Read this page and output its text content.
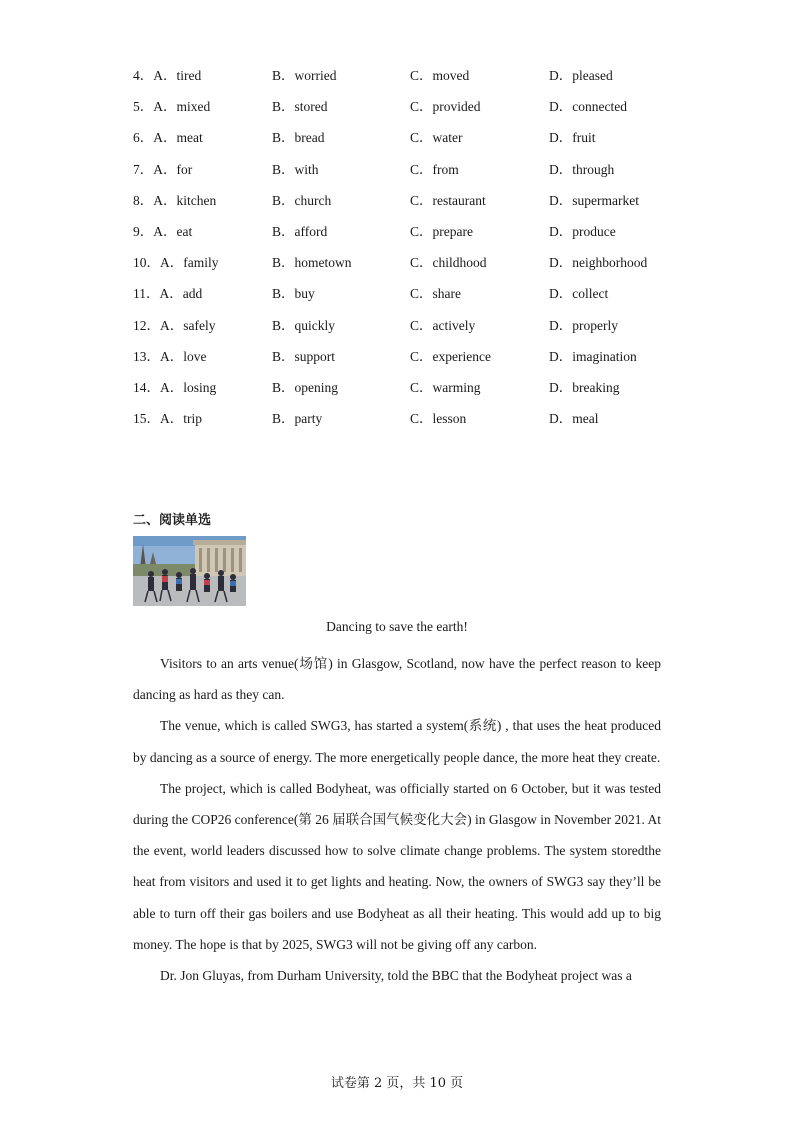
4．A．tired	B．worried	C．moved	D．pleased
5．A．mixed	B．stored	C．provided	D．connected
6．A．meat	B．bread	C．water	D．fruit
7．A．for	B．with	C．from	D．through
8．A．kitchen	B．church	C．restaurant	D．supermarket
9．A．eat	B．afford	C．prepare	D．produce
10．A．family	B．hometown	C．childhood	D．neighborhood
11．A．add	B．buy	C．share	D．collect
12．A．safely	B．quickly	C．actively	D．properly
13．A．love	B．support	C．experience	D．imagination
14．A．losing	B．opening	C．warming	D．breaking
15．A．trip	B．party	C．lesson	D．meal
二、阅读单选
Dancing to save the earth!

Visitors to an arts venue(场馆) in Glasgow, Scotland, now have the perfect reason to keep dancing as hard as they can.

The venue, which is called SWG3, has started a system(系统) , that uses the heat produced by dancing as a source of energy. The more energetically people dance, the more heat they create.

The project, which is called Bodyheat, was officially started on 6 October, but it was tested during the COP26 conference(第 26 届联合国气候变化大会) in Glasgow in November 2021. At the event, world leaders discussed how to solve climate change problems. The system storedthe heat from visitors and used it to get lights and heating. Now, the owners of SWG3 say they’ll be able to turn off their gas boilers and use Bodyheat as all their heating. This would add up to big money. The hope is that by 2025, SWG3 will not be giving off any carbon.

Dr. Jon Gluyas, from Durham University, told the BBC that the Bodyheat project was a

试卷第 2 页，共 10 页
